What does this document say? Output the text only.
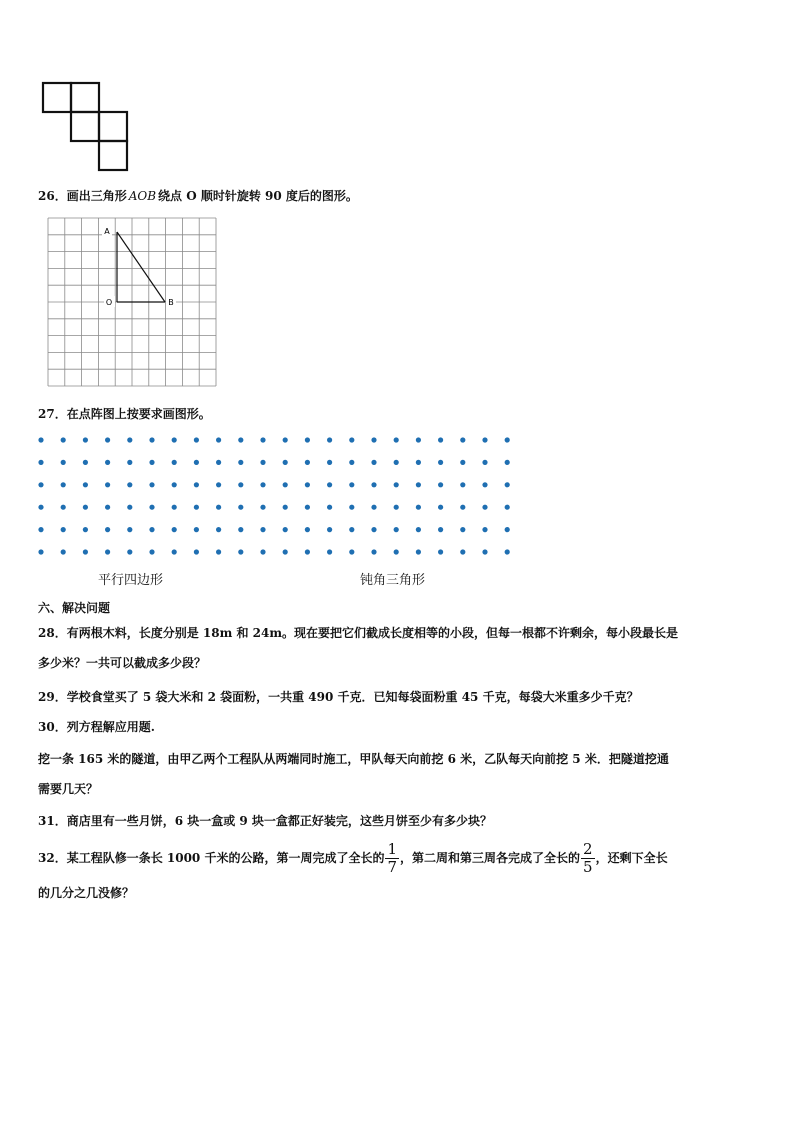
26．画出三角形 AOB 绕点 O 顺时针旋转 90 度后的图形。
A
O	B
27．在点阵图上按要求画图形。
平行四边形	钝角三角形
六、解决问题
28．有两根木料，长度分别是 18m 和 24m。现在要把它们截成长度相等的小段，但每一根都不许剩余，每小段最长是
多少米？一共可以截成多少段？
29．学校食堂买了 5 袋大米和 2 袋面粉，一共重 490 千克．已知每袋面粉重 45 千克，每袋大米重多少千克？
30．列方程解应用题.
挖一条 165 米的隧道，由甲乙两个工程队从两端同时施工，甲队每天向前挖 6 米，乙队每天向前挖 5 米．把隧道挖通
需要几天？
31．商店里有一些月饼，6 块一盒或 9 块一盒都正好装完，这些月饼至少有多少块？
32．某工程队修一条长 1000 千米的公路，第一周完成了全长的 $\frac{1}{7}$ ，第二周和第三周各完成了全长的 $\frac{2}{5}$ ，还剩下全长
的几分之几没修？
